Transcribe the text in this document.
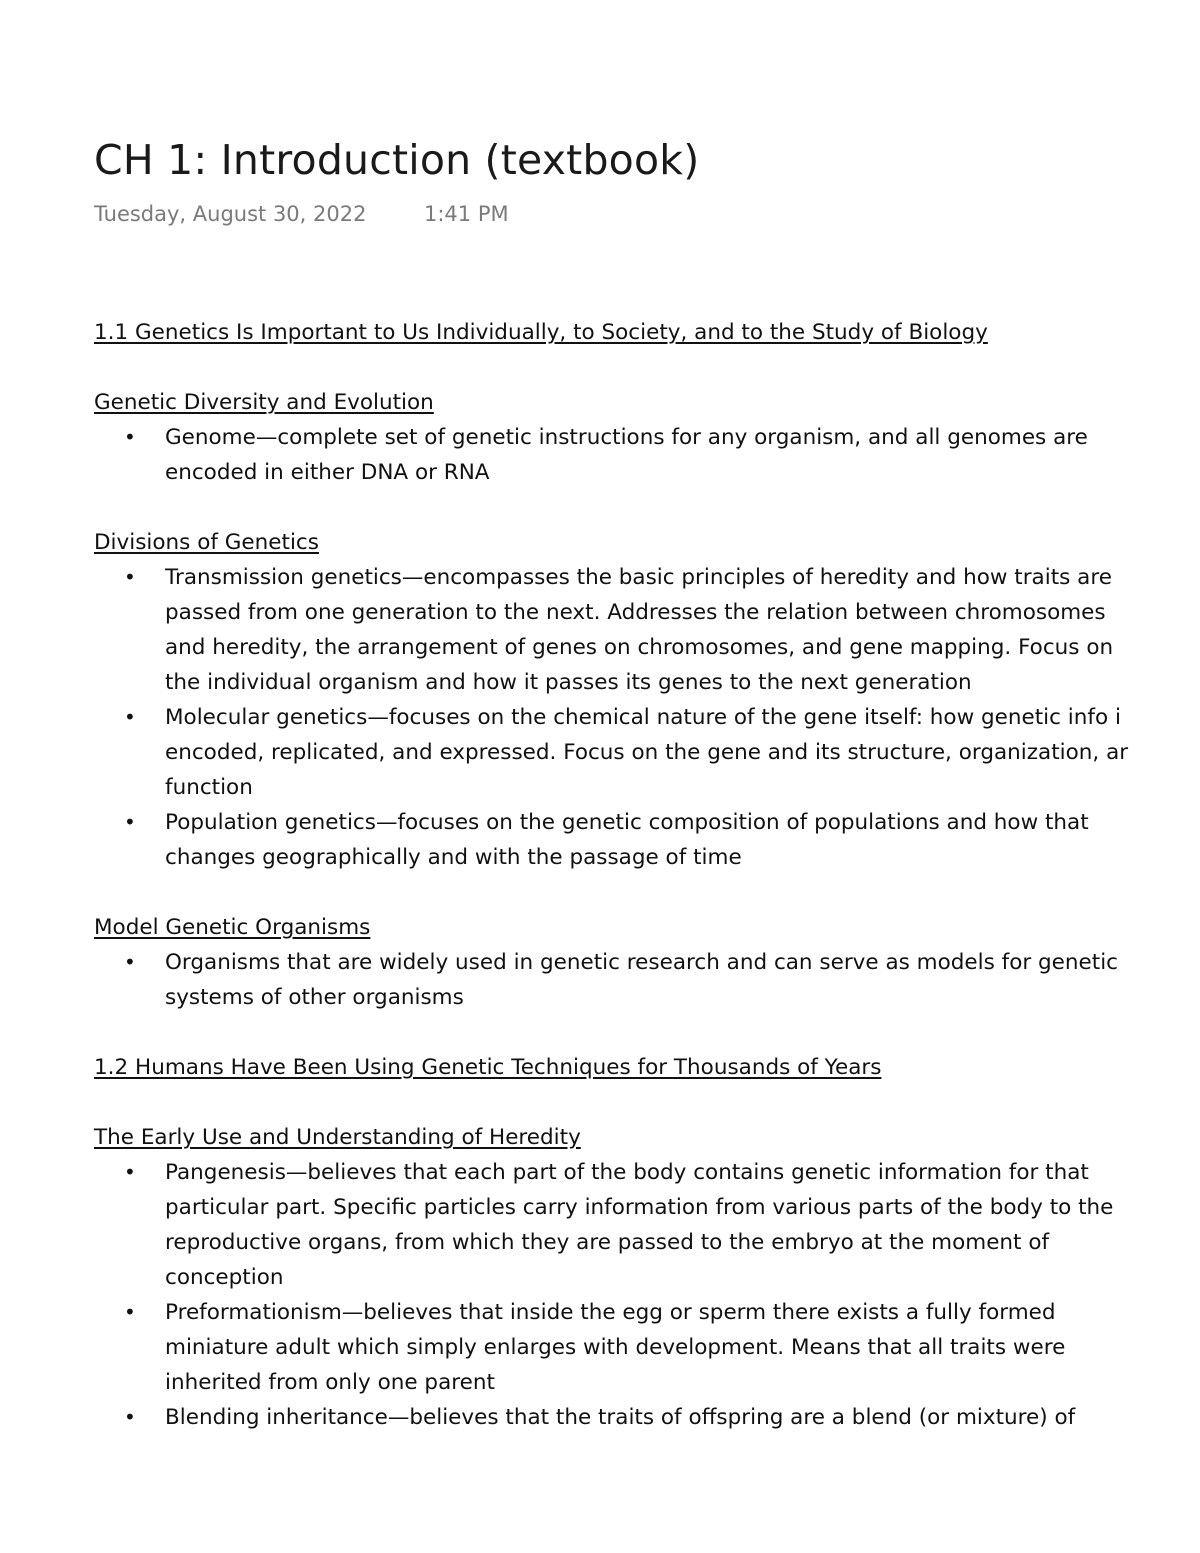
CH 1: Introduction (textbook)
Tuesday, August 30, 2022	1:41 PM
1.1 Genetics Is Important to Us Individually, to Society, and to the Study of Biology
Genetic Diversity and Evolution
• Genome—complete set of genetic instructions for any organism, and all genomes are
encoded in either DNA or RNA
Divisions of Genetics
• Transmission genetics—encompasses the basic principles of heredity and how traits are
passed from one generation to the next. Addresses the relation between chromosomes
and heredity, the arrangement of genes on chromosomes, and gene mapping. Focus on
the individual organism and how it passes its genes to the next generation
• Molecular genetics—focuses on the chemical nature of the gene itself: how genetic info i
encoded, replicated, and expressed. Focus on the gene and its structure, organization, ar
function
• Population genetics—focuses on the genetic composition of populations and how that
changes geographically and with the passage of time
Model Genetic Organisms
• Organisms that are widely used in genetic research and can serve as models for genetic
systems of other organisms
1.2 Humans Have Been Using Genetic Techniques for Thousands of Years
The Early Use and Understanding of Heredity
• Pangenesis—believes that each part of the body contains genetic information for that
particular part. Specific particles carry information from various parts of the body to the
reproductive organs, from which they are passed to the embryo at the moment of
conception
• Preformationism—believes that inside the egg or sperm there exists a fully formed
miniature adult which simply enlarges with development. Means that all traits were
inherited from only one parent
• Blending inheritance—believes that the traits of offspring are a blend (or mixture) of
